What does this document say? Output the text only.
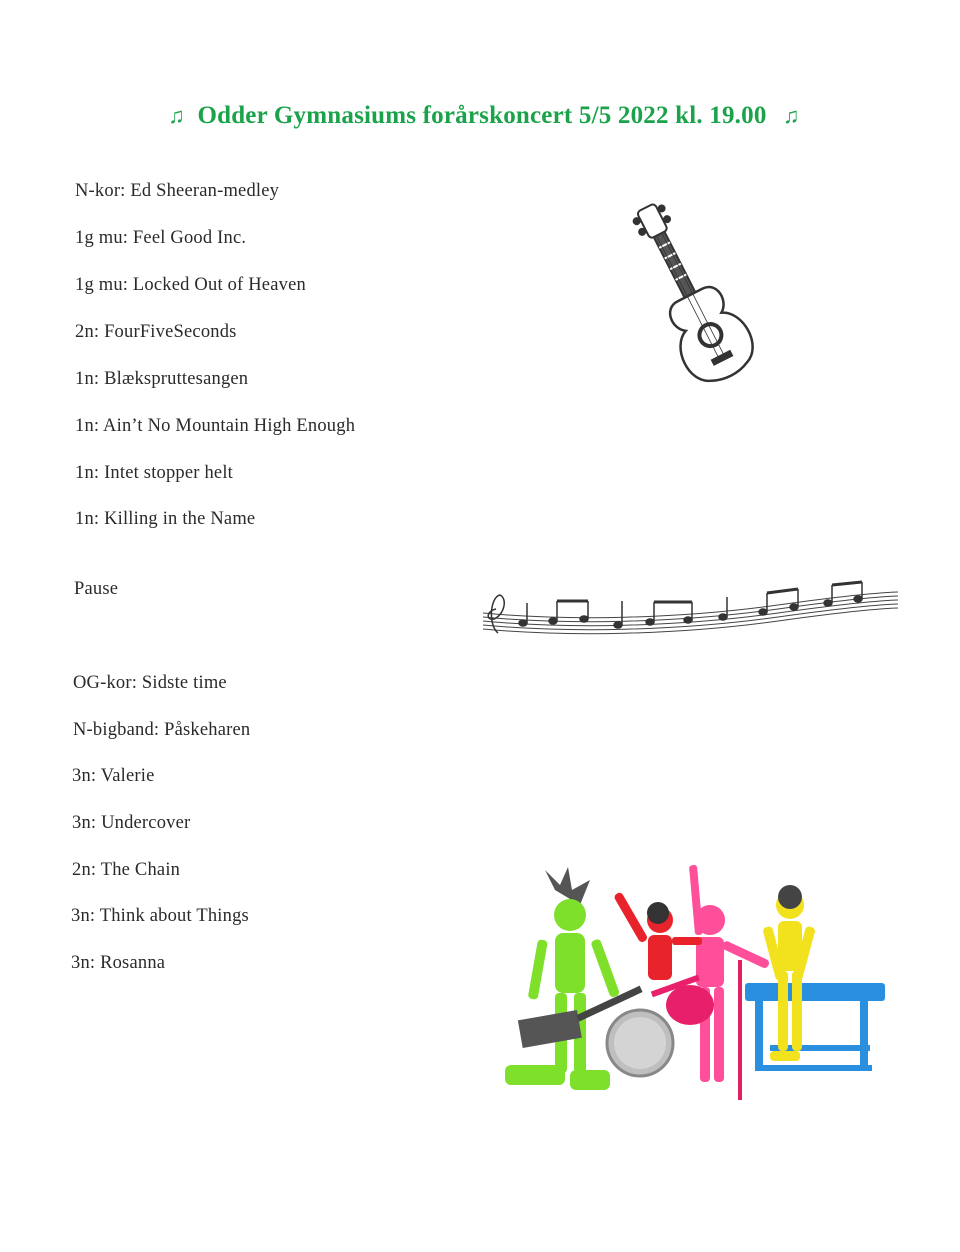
♫ Odder Gymnasiums forårskoncert 5/5 2022 kl. 19.00 ♫
N-kor: Ed Sheeran-medley
1g mu: Feel Good Inc.
1g mu: Locked Out of Heaven
2n: FourFiveSeconds
1n: Blækspruttesangen
1n: Ain’t No Mountain High Enough
1n: Intet stopper helt
1n: Killing in the Name
Pause
OG-kor: Sidste time
N-bigband: Påskeharen
3n: Valerie
3n: Undercover
2n: The Chain
3n: Think about Things
3n: Rosanna
